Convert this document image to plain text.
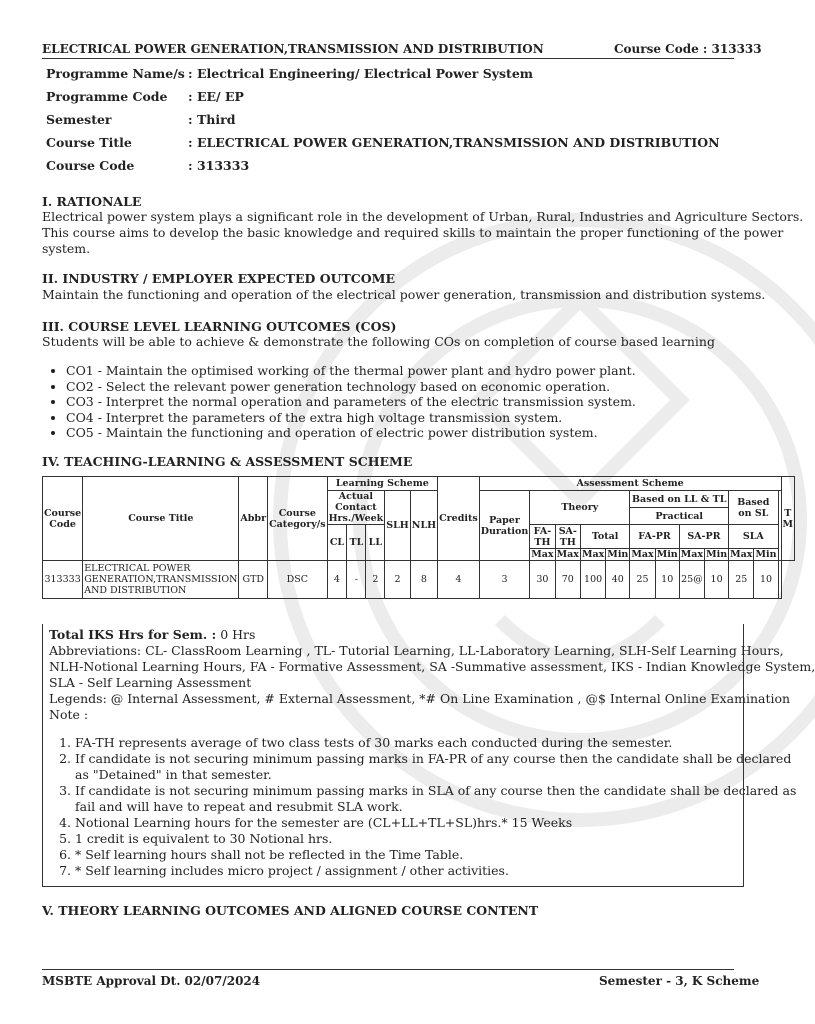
ELECTRICAL POWER GENERATION,TRANSMISSION AND DISTRIBUTION	Course Code : 313333
Programme Name/s : Electrical Engineering/ Electrical Power System
Programme Code	: EE/ EP
Semester	: Third
Course Title	: ELECTRICAL POWER GENERATION,TRANSMISSION AND DISTRIBUTION
Course Code	: 313333
I. RATIONALE
Electrical power system plays a significant role in the development of Urban, Rural, Industries and Agriculture Sectors.
This course aims to develop the basic knowledge and required skills to maintain the proper functioning of the power
system.
II. INDUSTRY / EMPLOYER EXPECTED OUTCOME
Maintain the functioning and operation of the electrical power generation, transmission and distribution systems.
III. COURSE LEVEL LEARNING OUTCOMES (COS)
Students will be able to achieve & demonstrate the following COs on completion of course based learning
• CO1 - Maintain the optimised working of the thermal power plant and hydro power plant.
• CO2 - Select the relevant power generation technology based on economic operation.
• CO3 - Interpret the normal operation and parameters of the electric transmission system.
• CO4 - Interpret the parameters of the extra high voltage transmission system.
• CO5 - Maintain the functioning and operation of electric power distribution system.
IV. TEACHING-LEARNING & ASSESSMENT SCHEME
Course Code	Course Title	Abbr	Course Category/s	Learning Scheme					Credits	Assessment Scheme												T M
				Actual Contact Hrs./Week			SLH	NLH		Paper Duration	Theory				Based on LL & TL				Based on SL			
															Practical							
				CL	TL	LL					FA-TH	SA-TH	Total		FA-PR		SA-PR		SLA			
											Max	Max	Max	Min	Max	Min	Max	Min	Max	Min		
313333	ELECTRICAL POWER GENERATION,TRANSMISSION AND DISTRIBUTION	GTD	DSC	4	-	2	2	8	4	3	30	70	100	40	25	10	25@	10	25	10		
Total IKS Hrs for Sem. : 0 Hrs
Abbreviations: CL- ClassRoom Learning , TL- Tutorial Learning, LL-Laboratory Learning, SLH-Self Learning Hours,
NLH-Notional Learning Hours, FA - Formative Assessment, SA -Summative assessment, IKS - Indian Knowledge System,
SLA - Self Learning Assessment
Legends: @ Internal Assessment, # External Assessment, *# On Line Examination , @$ Internal Online Examination
Note :
1. FA-TH represents average of two class tests of 30 marks each conducted during the semester.
2. If candidate is not securing minimum passing marks in FA-PR of any course then the candidate shall be declared
as "Detained" in that semester.
3. If candidate is not securing minimum passing marks in SLA of any course then the candidate shall be declared as
fail and will have to repeat and resubmit SLA work.
4. Notional Learning hours for the semester are (CL+LL+TL+SL)hrs.* 15 Weeks
5. 1 credit is equivalent to 30 Notional hrs.
6. * Self learning hours shall not be reflected in the Time Table.
7. * Self learning includes micro project / assignment / other activities.
V. THEORY LEARNING OUTCOMES AND ALIGNED COURSE CONTENT
MSBTE Approval Dt. 02/07/2024	Semester - 3, K Scheme
